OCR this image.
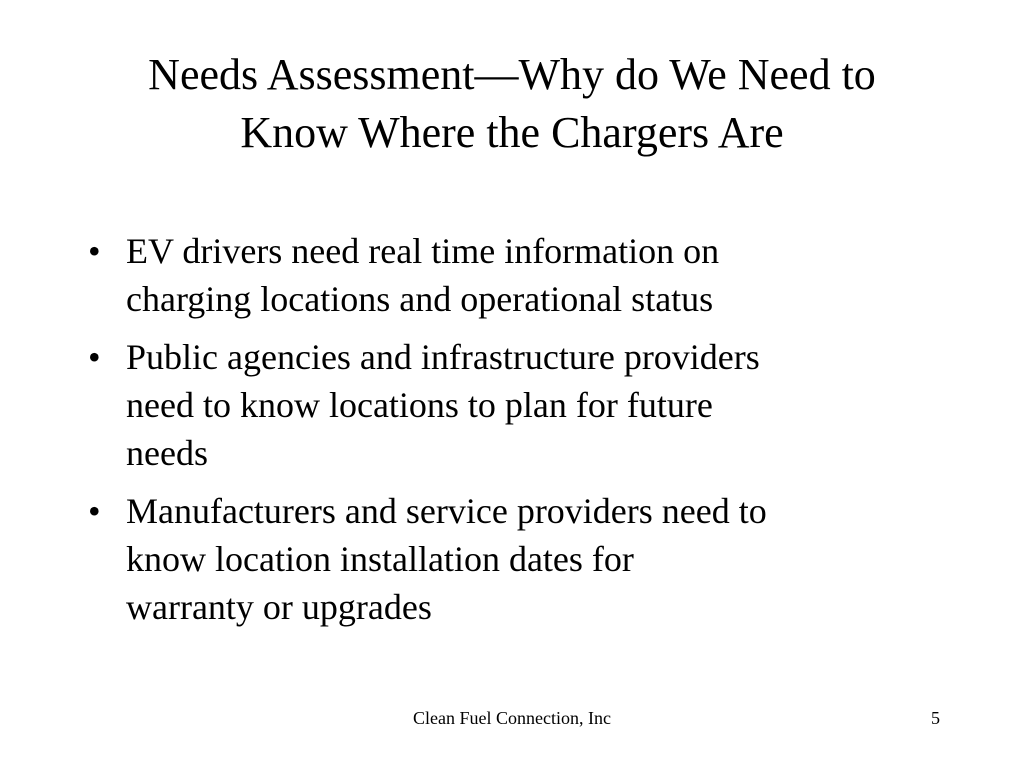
Needs Assessment—Why do We Need to
Know Where the Chargers Are
• EV drivers need real time information on
charging locations and operational status
• Public agencies and infrastructure providers
need to know locations to plan for future
needs
• Manufacturers and service providers need to
know location installation dates for
warranty or upgrades
Clean Fuel Connection, Inc	5
